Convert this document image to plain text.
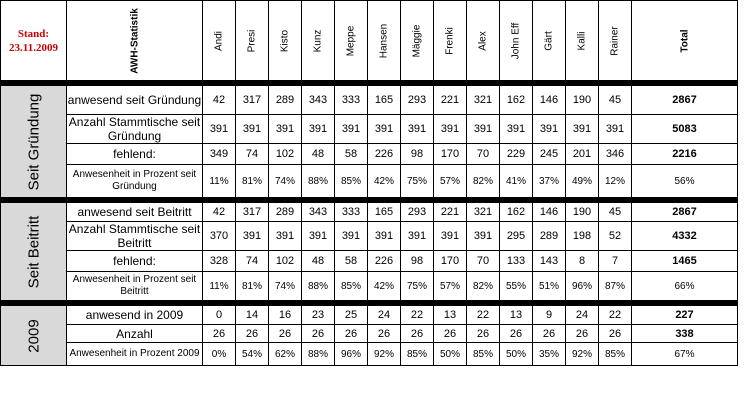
Stand:
23.11.2009	AWH-Statistik	Andi	Presi	Kisto	Kunz	Meppe	Hansen	Mäggie	Frenki	Alex	John Eff	Gärt	Kalli	Rainer	Total

Seit Gründung	anwesend seit Gründung	42	317	289	343	333	165	293	221	321	162	146	190	45	2867
	Anzahl Stammtische seit Gründung	391	391	391	391	391	391	391	391	391	391	391	391	391	5083
	fehlend:	349	74	102	48	58	226	98	170	70	229	245	201	346	2216
	Anwesenheit in Prozent seit Gründung	11%	81%	74%	88%	85%	42%	75%	57%	82%	41%	37%	49%	12%	56%

Seit Beitritt	anwesend seit Beitritt	42	317	289	343	333	165	293	221	321	162	146	190	45	2867
	Anzahl Stammtische seit Beitritt	370	391	391	391	391	391	391	391	391	295	289	198	52	4332
	fehlend:	328	74	102	48	58	226	98	170	70	133	143	8	7	1465
	Anwesenheit in Prozent seit Beitritt	11%	81%	74%	88%	85%	42%	75%	57%	82%	55%	51%	96%	87%	66%

2009	anwesend in 2009	0	14	16	23	25	24	22	13	22	13	9	24	22	227
	Anzahl	26	26	26	26	26	26	26	26	26	26	26	26	26	338
	Anwesenheit in Prozent 2009	0%	54%	62%	88%	96%	92%	85%	50%	85%	50%	35%	92%	85%	67%
